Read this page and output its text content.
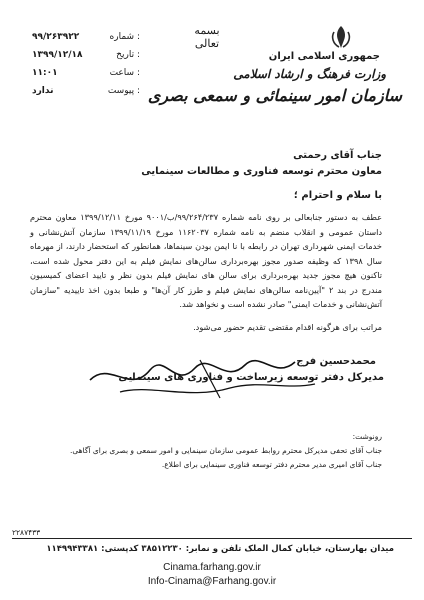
بسمه تعالی
جمهوری اسلامی ایران
وزارت فرهنگ و ارشاد اسلامی
سازمان امور سینمائی و سمعی بصری
شماره :
۹۹/۲۶۳۹۲۲
تاریخ :
۱۳۹۹/۱۲/۱۸
ساعت :
۱۱:۰۱
پیوست :
ندارد
جناب آقای رحمتی
معاون محترم توسعه فناوری و مطالعات سینمایی
با سلام و احترام ؛
عطف به دستور جنابعالی بر روی نامه شماره ۹۹/۲۶۴/۲۳۷/ب/۹۰۰۱ مورخ ۱۳۹۹/۱۲/۱۱ معاون محترم داستان عمومی و انقلاب منضم به نامه شماره ۱۱۶۲۰۳۷ مورخ ۱۳۹۹/۱۱/۱۹ سازمان آتش‌نشانی و خدمات ایمنی شهرداری تهران در رابطه با نا ایمن بودن سینماها، همانطور که استحضار دارند، از مهرماه سال ۱۳۹۸ که وظیفه صدور مجوز بهره‌برداری سالن‌های نمایش فیلم به این دفتر محول شده است، تاکنون هیچ مجوز جدید بهره‌برداری برای سالن های نمایش فیلم بدون نظر و تایید اعضای کمیسیون مندرج در بند ۲ "آیین‌نامه سالن‌های نمایش فیلم و طرز کار آن‌ها" و طبعا بدون اخذ تاییدیه "سازمان آتش‌نشانی و خدمات ایمنی" صادر نشده است و نخواهد شد.
مراتب برای هرگونه اقدام مقتضی تقدیم حضور می‌شود.
محمدحسین فرج
مدیرکل دفتر توسعه زیرساخت‌ و فناوری های سینمایی
رونوشت:
جناب آقای تحفی مدیرکل محترم روابط عمومی سازمان سینمایی و امور سمعی و بصری برای آگاهی.
جناب آقای امیری مدیر محترم دفتر توسعه فناوری سینمایی برای اطلاع.
۲۲۸۷۴۳۳
میدان بهارستان، خیابان کمال الملک تلفن و نمابر: ۳۸۵۱۲۲۳۰ کدپستی: ۱۱۴۹۹۴۳۳۸۱
Cinama.farhang.gov.ir
Info-Cinama@Farhang.gov.ir
